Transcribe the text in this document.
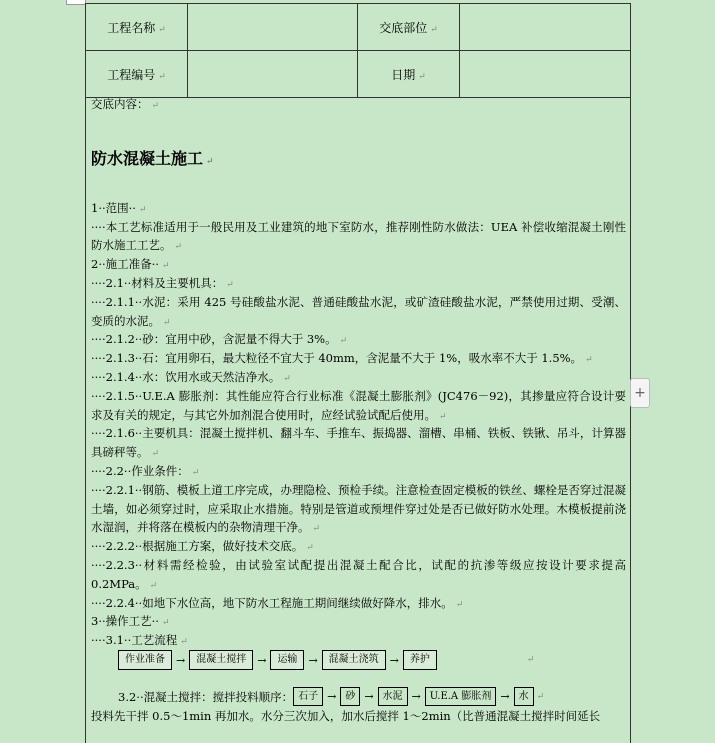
工程名称 ↵		交底部位 ↵	
工程编号 ↵		日期 ↵	
交底内容： ↵
防水混凝土施工 ↵
1··范围·· ↵
····本工艺标准适用于一般民用及工业建筑的地下室防水，推荐刚性防水做法：UEA 补偿收缩混凝土刚性防水施工工艺。 ↵
2··施工准备·· ↵
····2.1··材料及主要机具： ↵
····2.1.1··水泥：采用 425 号硅酸盐水泥、普通硅酸盐水泥，或矿渣硅酸盐水泥，严禁使用过期、受潮、变质的水泥。 ↵
····2.1.2··砂：宜用中砂，含泥量不得大于 3%。 ↵
····2.1.3··石：宜用卵石，最大粒径不宜大于 40mm，含泥量不大于 1%，吸水率不大于 1.5%。 ↵
····2.1.4··水：饮用水或天然洁净水。 ↵
····2.1.5··U.E.A 膨胀剂：其性能应符合行业标准《混凝土膨胀剂》(JC476－92)，其掺量应符合设计要求及有关的规定，与其它外加剂混合使用时，应经试验试配后使用。 ↵
····2.1.6··主要机具：混凝土搅拌机、翻斗车、手推车、振捣器、溜槽、串桶、铁板、铁锹、吊斗，计算器具磅秤等。 ↵
····2.2··作业条件： ↵
····2.2.1··钢筋、模板上道工序完成，办理隐检、预检手续。注意检查固定模板的铁丝、螺栓是否穿过混凝土墙，如必须穿过时，应采取止水措施。特别是管道或预埋件穿过处是否已做好防水处理。木模板提前浇水湿润，并将落在模板内的杂物清理干净。 ↵
····2.2.2··根据施工方案，做好技术交底。 ↵
····2.2.3··材料需经检验，由试验室试配提出混凝土配合比，试配的抗渗等级应按设计要求提高 0.2MPa。 ↵
····2.2.4··如地下水位高，地下防水工程施工期间继续做好降水，排水。 ↵
3··操作工艺·· ↵
····3.1··工艺流程 ↵
作业准备	→	混凝土搅拌	→	运输	→	混凝土浇筑	→	养护	↵
3.2··混凝土搅拌：搅拌投料顺序： 石子 → 砂 → 水泥 → U.E.A 膨胀剂 → 水 ↵
投料先干拌 0.5～1min 再加水。水分三次加入，加水后搅拌 1～2min（比普通混凝土搅拌时间延长
+
